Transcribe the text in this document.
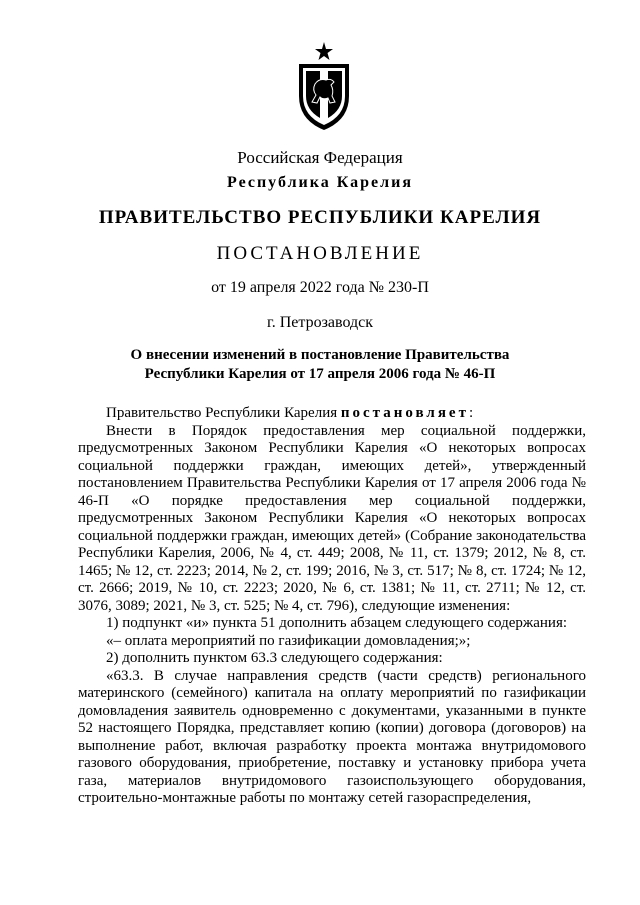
Российская Федерация
Республика Карелия
ПРАВИТЕЛЬСТВО РЕСПУБЛИКИ КАРЕЛИЯ
ПОСТАНОВЛЕНИЕ
от 19 апреля 2022 года № 230-П
г. Петрозаводск
О внесении изменений в постановление Правительства
Республики Карелия от 17 апреля 2006 года № 46-П

Правительство Республики Карелия постановляет:

Внести в Порядок предоставления мер социальной поддержки, предусмотренных Законом Республики Карелия «О некоторых вопросах социальной поддержки граждан, имеющих детей», утвержденный постановлением Правительства Республики Карелия от 17 апреля 2006 года № 46-П «О порядке предоставления мер социальной поддержки, предусмотренных Законом Республики Карелия «О некоторых вопросах социальной поддержки граждан, имеющих детей» (Собрание законодательства Республики Карелия, 2006, № 4, ст. 449; 2008, № 11, ст. 1379; 2012, № 8, ст. 1465; № 12, ст. 2223; 2014, № 2, ст. 199; 2016, № 3, ст. 517; № 8, ст. 1724; № 12, ст. 2666; 2019, № 10, ст. 2223; 2020, № 6, ст. 1381; № 11, ст. 2711; № 12, ст. 3076, 3089; 2021, № 3, ст. 525; № 4, ст. 796), следующие изменения:

1) подпункт «и» пункта 51 дополнить абзацем следующего содержания:

«– оплата мероприятий по газификации домовладения;»;

2) дополнить пунктом 63.3 следующего содержания:

«63.3. В случае направления средств (части средств) регионального материнского (семейного) капитала на оплату мероприятий по газификации домовладения заявитель одновременно с документами, указанными в пункте 52 настоящего Порядка, представляет копию (копии) договора (договоров) на выполнение работ, включая разработку проекта монтажа внутридомового газового оборудования, приобретение, поставку и установку прибора учета газа, материалов внутридомового газоиспользующего оборудования, строительно-монтажные работы по монтажу сетей газораспределения,
